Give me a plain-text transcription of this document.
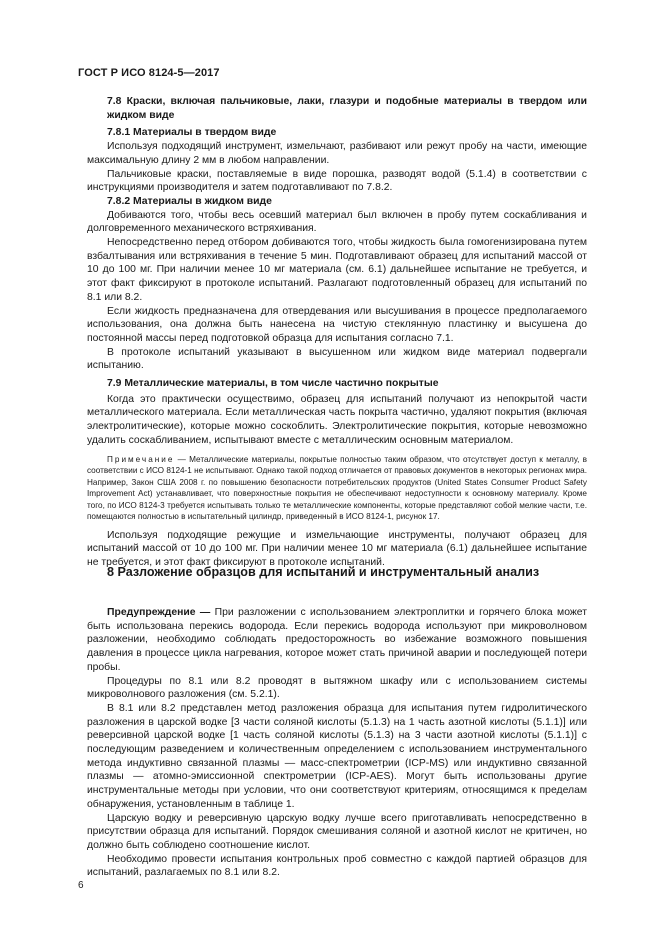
ГОСТ Р ИСО 8124-5—2017

7.8 Краски, включая пальчиковые, лаки, глазури и подобные материалы в твердом или жидком виде

7.8.1 Материалы в твердом виде

Используя подходящий инструмент, измельчают, разбивают или режут пробу на части, имеющие максимальную длину 2 мм в любом направлении.

Пальчиковые краски, поставляемые в виде порошка, разводят водой (5.1.4) в соответствии с инструкциями производителя и затем подготавливают по 7.8.2.

7.8.2 Материалы в жидком виде

Добиваются того, чтобы весь осевший материал был включен в пробу путем соскабливания и долговременного механического встряхивания.

Непосредственно перед отбором добиваются того, чтобы жидкость была гомогенизирована путем взбалтывания или встряхивания в течение 5 мин. Подготавливают образец для испытаний массой от 10 до 100 мг. При наличии менее 10 мг материала (см. 6.1) дальнейшее испытание не требуется, и этот факт фиксируют в протоколе испытаний. Разлагают подготовленный образец для испытаний по 8.1 или 8.2.

Если жидкость предназначена для отвердевания или высушивания в процессе предполагаемого использования, она должна быть нанесена на чистую стеклянную пластинку и высушена до постоянной массы перед подготовкой образца для испытания согласно 7.1.

В протоколе испытаний указывают в высушенном или жидком виде материал подвергали испытанию.

7.9 Металлические материалы, в том числе частично покрытые

Когда это практически осуществимо, образец для испытаний получают из непокрытой части металлического материала. Если металлическая часть покрыта частично, удаляют покрытия (включая электролитические), которые можно соскоблить. Электролитические покрытия, которые невозможно удалить соскабливанием, испытывают вместе с металлическим основным материалом.

Примечание — Металлические материалы, покрытые полностью таким образом, что отсутствует доступ к металлу, в соответствии с ИСО 8124-1 не испытывают. Однако такой подход отличается от правовых документов в некоторых регионах мира. Например, Закон США 2008 г. по повышению безопасности потребительских продуктов (United States Consumer Product Safety Improvement Act) устанавливает, что поверхностные покрытия не обеспечивают недоступности к основному материалу. Кроме того, по ИСО 8124-3 требуется испытывать только те металлические компоненты, которые представляют собой мелкие части, т.е. помещаются полностью в испытательный цилиндр, приведенный в ИСО 8124-1, рисунок 17.

Используя подходящие режущие и измельчающие инструменты, получают образец для испытаний массой от 10 до 100 мг. При наличии менее 10 мг материала (6.1) дальнейшее испытание не требуется, и этот факт фиксируют в протоколе испытаний.

8 Разложение образцов для испытаний и инструментальный анализ

Предупреждение — При разложении с использованием электроплитки и горячего блока может быть использована перекись водорода. Если перекись водорода используют при микроволновом разложении, необходимо соблюдать предосторожность во избежание возможного повышения давления в процессе цикла нагревания, которое может стать причиной аварии и последующей потери пробы.

Процедуры по 8.1 или 8.2 проводят в вытяжном шкафу или с использованием системы микроволнового разложения (см. 5.2.1).

В 8.1 или 8.2 представлен метод разложения образца для испытания путем гидролитического разложения в царской водке [3 части соляной кислоты (5.1.3) на 1 часть азотной кислоты (5.1.1)] или реверсивной царской водке [1 часть соляной кислоты (5.1.3) на 3 части азотной кислоты (5.1.1)] с последующим разведением и количественным определением с использованием инструментального метода индуктивно связанной плазмы — масс-спектрометрии (ICP-MS) или индуктивно связанной плазмы — атомно-эмиссионной спектрометрии (ICP-AES). Могут быть использованы другие инструментальные методы при условии, что они соответствуют критериям, относящимся к пределам обнаружения, установленным в таблице 1.

Царскую водку и реверсивную царскую водку лучше всего приготавливать непосредственно в присутствии образца для испытаний. Порядок смешивания соляной и азотной кислот не критичен, но должно быть соблюдено соотношение кислот.

Необходимо провести испытания контрольных проб совместно с каждой партией образцов для испытаний, разлагаемых по 8.1 или 8.2.

6
